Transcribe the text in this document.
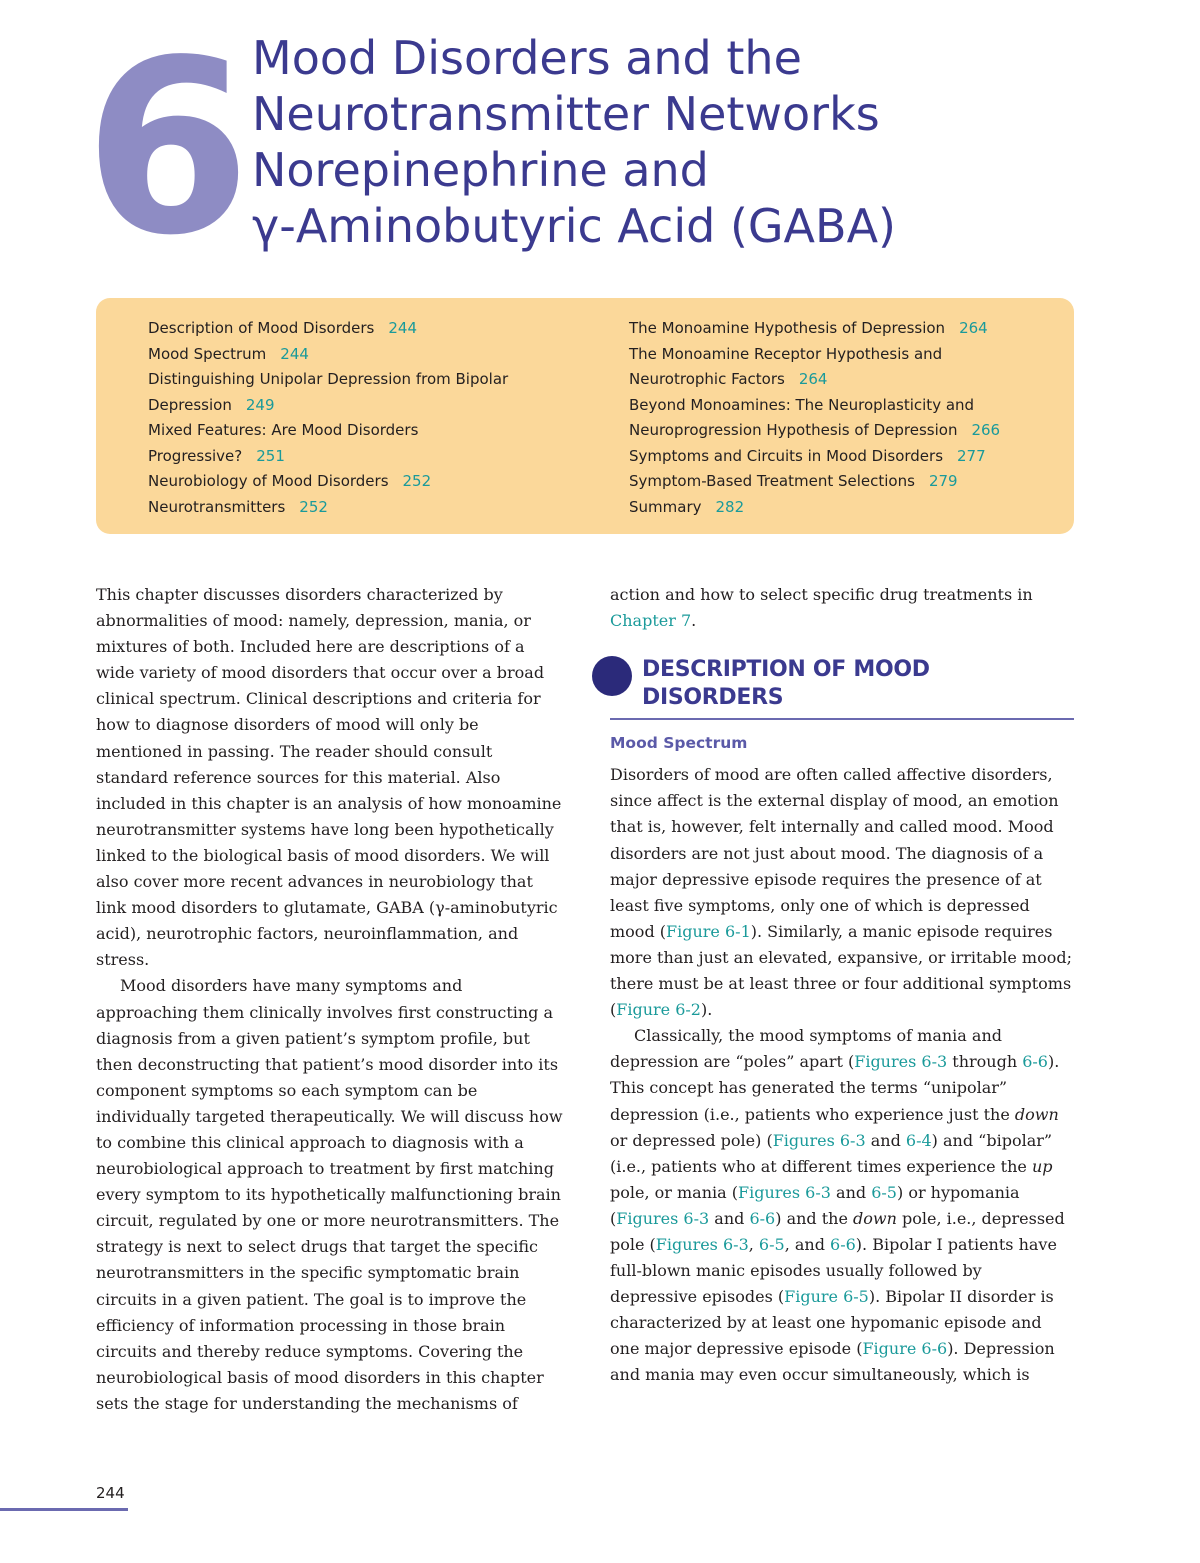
6 Mood Disorders and the
Neurotransmitter Networks
Norepinephrine and
γ-Aminobutyric Acid (GABA)
Description of Mood Disorders 244
Mood Spectrum 244
Distinguishing Unipolar Depression from Bipolar Depression 249
Mixed Features: Are Mood Disorders Progressive? 251
Neurobiology of Mood Disorders 252
Neurotransmitters 252
The Monoamine Hypothesis of Depression 264
The Monoamine Receptor Hypothesis and Neurotrophic Factors 264
Beyond Monoamines: The Neuroplasticity and Neuroprogression Hypothesis of Depression 266
Symptoms and Circuits in Mood Disorders 277
Symptom-Based Treatment Selections 279
Summary 282

This chapter discusses disorders characterized by abnormalities of mood: namely, depression, mania, or mixtures of both. Included here are descriptions of a wide variety of mood disorders that occur over a broad clinical spectrum. Clinical descriptions and criteria for how to diagnose disorders of mood will only be mentioned in passing. The reader should consult standard reference sources for this material. Also included in this chapter is an analysis of how monoamine neurotransmitter systems have long been hypothetically linked to the biological basis of mood disorders. We will also cover more recent advances in neurobiology that link mood disorders to glutamate, GABA (γ-aminobutyric acid), neurotrophic factors, neuroinflammation, and stress.

Mood disorders have many symptoms and approaching them clinically involves first constructing a diagnosis from a given patient’s symptom profile, but then deconstructing that patient’s mood disorder into its component symptoms so each symptom can be individually targeted therapeutically. We will discuss how to combine this clinical approach to diagnosis with a neurobiological approach to treatment by first matching every symptom to its hypothetically malfunctioning brain circuit, regulated by one or more neurotransmitters. The strategy is next to select drugs that target the specific neurotransmitters in the specific symptomatic brain circuits in a given patient. The goal is to improve the efficiency of information processing in those brain circuits and thereby reduce symptoms. Covering the neurobiological basis of mood disorders in this chapter sets the stage for understanding the mechanisms of

action and how to select specific drug treatments in Chapter 7.

DESCRIPTION OF MOOD DISORDERS
Mood Spectrum

Disorders of mood are often called affective disorders, since affect is the external display of mood, an emotion that is, however, felt internally and called mood. Mood disorders are not just about mood. The diagnosis of a major depressive episode requires the presence of at least five symptoms, only one of which is depressed mood (Figure 6-1). Similarly, a manic episode requires more than just an elevated, expansive, or irritable mood; there must be at least three or four additional symptoms (Figure 6-2).

Classically, the mood symptoms of mania and depression are “poles” apart (Figures 6-3 through 6-6). This concept has generated the terms “unipolar” depression (i.e., patients who experience just the down or depressed pole) (Figures 6-3 and 6-4) and “bipolar” (i.e., patients who at different times experience the up pole, or mania (Figures 6-3 and 6-5) or hypomania (Figures 6-3 and 6-6) and the down pole, i.e., depressed pole (Figures 6-3, 6-5, and 6-6). Bipolar I patients have full-blown manic episodes usually followed by depressive episodes (Figure 6-5). Bipolar II disorder is characterized by at least one hypomanic episode and one major depressive episode (Figure 6-6). Depression and mania may even occur simultaneously, which is

244
